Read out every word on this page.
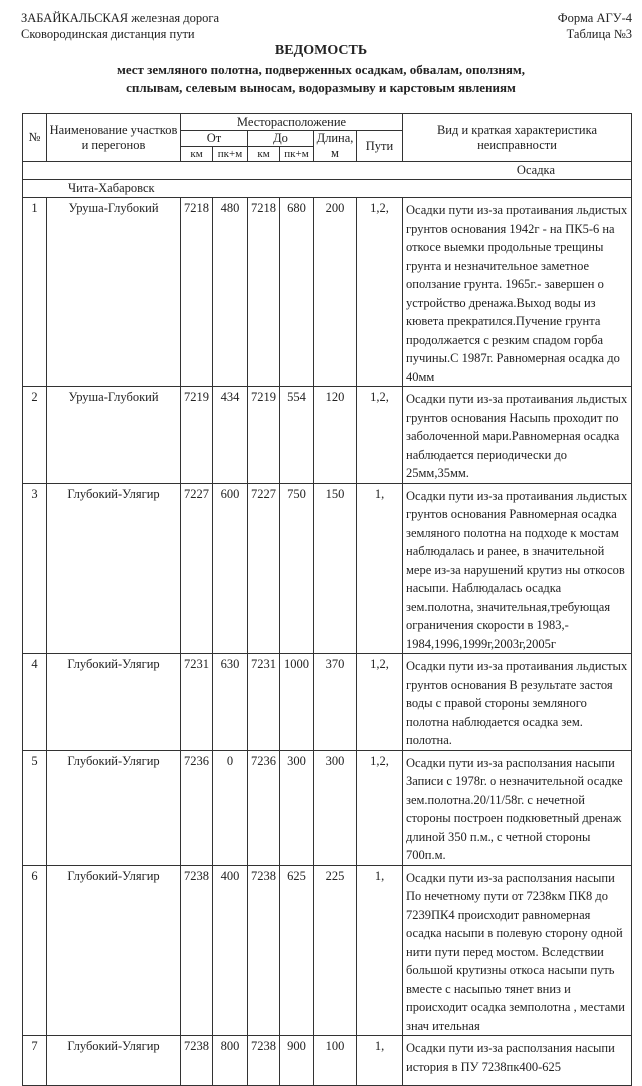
ЗАБАЙКАЛЬСКАЯ железная дорога
Сковородинская дистанция пути
Форма АГУ-4
Таблица №3
ВЕДОМОСТЬ
мест земляного полотна, подверженных осадкам, обвалам, оползням,
сплывам, селевым выносам, водоразмыву и карстовым явлениям
№	Наименование участков и перегонов	Месторасположение						Вид и краткая характеристика неисправности
		От		До		Длина, м	Пути	
		км	пк+м	км	пк+м			
Осадка								
Чита-Хабаровск								
1	Уруша-Глубокий	7218	480	7218	680	200	1,2,	Осадки пути из-за протаивания льдистых грунтов основания 1942г - на ПК5-6 на откосе выемки продольные трещины грунта и незначительное заметное оползание грунта. 1965г.- завершен о устройство дренажа.Выход воды из кювета прекратился.Пучение грунта продолжается с резким спадом горба пучины.С 1987г. Равномерная осадка до 40мм
2	Уруша-Глубокий	7219	434	7219	554	120	1,2,	Осадки пути из-за протаивания льдистых грунтов основания Насыпь проходит по заболоченной мари.Равномерная осадка наблюдается периодически до 25мм,35мм.
3	Глубокий-Улягир	7227	600	7227	750	150	1,	Осадки пути из-за протаивания льдистых грунтов основания Равномерная осадка земляного полотна на подходе к мостам наблюдалась и ранее, в значительной мере из-за нарушений крутиз ны откосов насыпи. Наблюдалась осадка зем.полотна, значительная,требующая ограничения скорости в 1983,- 1984,1996,1999г,2003г,2005г
4	Глубокий-Улягир	7231	630	7231	1000	370	1,2,	Осадки пути из-за протаивания льдистых грунтов основания В результате застоя воды с правой стороны земляного полотна наблюдается осадка зем. полотна.
5	Глубокий-Улягир	7236	0	7236	300	300	1,2,	Осадки пути из-за расползания насыпи Записи с 1978г. о незначительной осадке зем.полотна.20/11/58г. с нечетной стороны построен подкюветный дренаж длиной 350 п.м., с четной стороны 700п.м.
6	Глубокий-Улягир	7238	400	7238	625	225	1,	Осадки пути из-за расползания насыпи По нечетному пути от 7238км ПК8 до 7239ПК4 происходит равномерная осадка насыпи в полевую сторону одной нити пути перед мостом. Вследствии большой крутизны откоса насыпи путь вместе с насыпью тянет вниз и происходит осадка земполотна , местами знач ительная
7	Глубокий-Улягир	7238	800	7238	900	100	1,	Осадки пути из-за расползания насыпи история в ПУ 7238пк400-625
